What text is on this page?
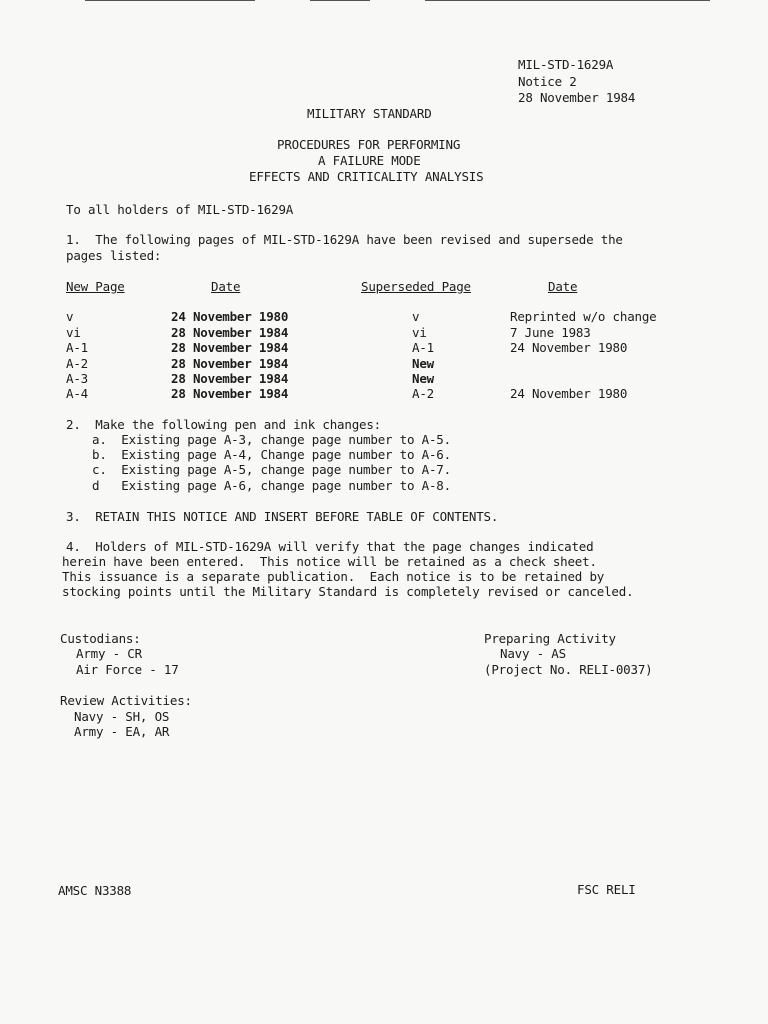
MIL-STD-1629A
Notice 2
28 November 1984
MILITARY STANDARD
PROCEDURES FOR PERFORMING
A FAILURE MODE
EFFECTS AND CRITICALITY ANALYSIS
To all holders of MIL-STD-1629A
1.  The following pages of MIL-STD-1629A have been revised and supersede the
pages listed:
New Page	Date	Superseded Page	Date
v	24 November 1980	v	Reprinted w/o change
vi	28 November 1984	vi	7 June 1983
A-1	28 November 1984	A-1	24 November 1980
A-2	28 November 1984	New
A-3	28 November 1984	New
A-4	28 November 1984	A-2	24 November 1980
2.  Make the following pen and ink changes:
a.  Existing page A-3, change page number to A-5.
b.  Existing page A-4, Change page number to A-6.
c.  Existing page A-5, change page number to A-7.
d   Existing page A-6, change page number to A-8.
3.  RETAIN THIS NOTICE AND INSERT BEFORE TABLE OF CONTENTS.
4.  Holders of MIL-STD-1629A will verify that the page changes indicated
herein have been entered.  This notice will be retained as a check sheet.
This issuance is a separate publication.  Each notice is to be retained by
stocking points until the Military Standard is completely revised or canceled.
Custodians:
Army - CR
Air Force - 17
Preparing Activity
Navy - AS
(Project No. RELI-0037)
Review Activities:
Navy - SH, OS
Army - EA, AR
AMSC N3388	FSC RELI
